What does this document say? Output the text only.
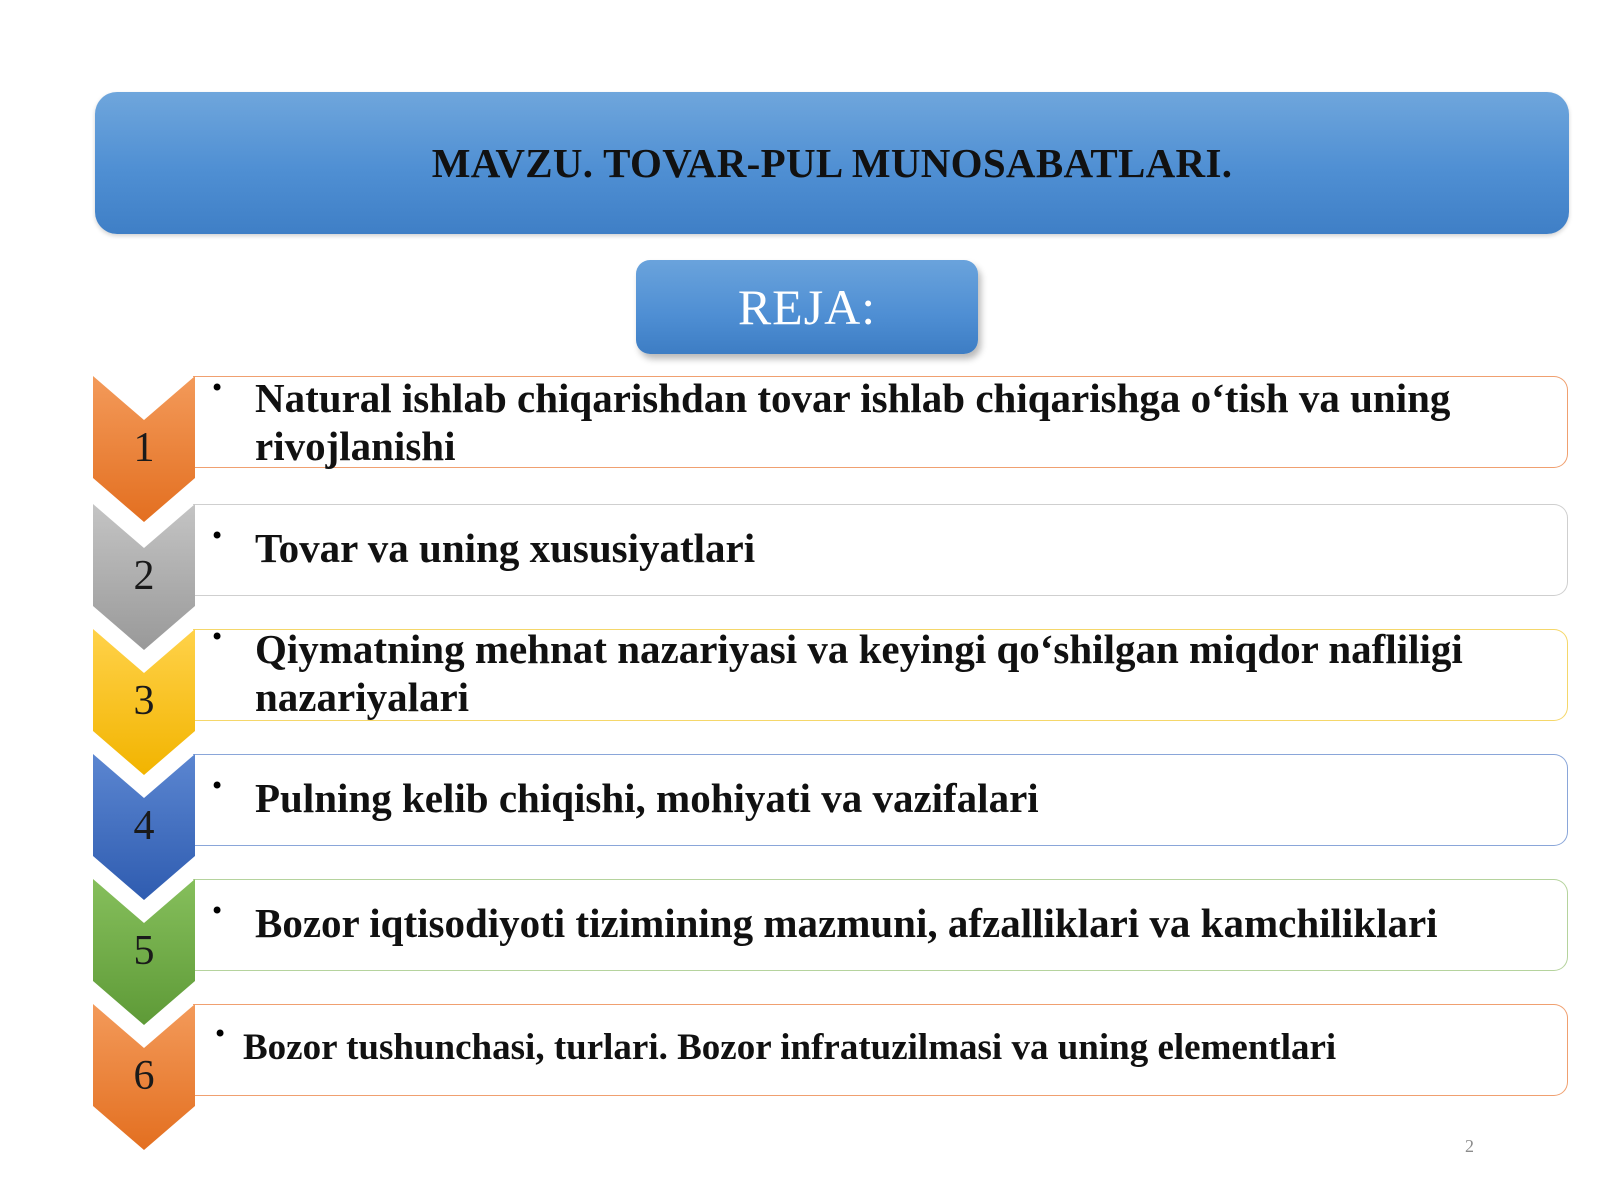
MAVZU. TOVAR-PUL MUNOSABATLARI.
REJA:
1
• Natural ishlab chiqarishdan tovar ishlab chiqarishga o‘tish va uning rivojlanishi
2
• Tovar va uning xususiyatlari
3
• Qiymatning mehnat nazariyasi va keyingi qo‘shilgan miqdor nafliligi nazariyalari
4
• Pulning kelib chiqishi, mohiyati va vazifalari
5
• Bozor iqtisodiyoti tizimining mazmuni, afzalliklari va kamchiliklari
6
• Bozor tushunchasi, turlari. Bozor infratuzilmasi va uning elementlari
2
